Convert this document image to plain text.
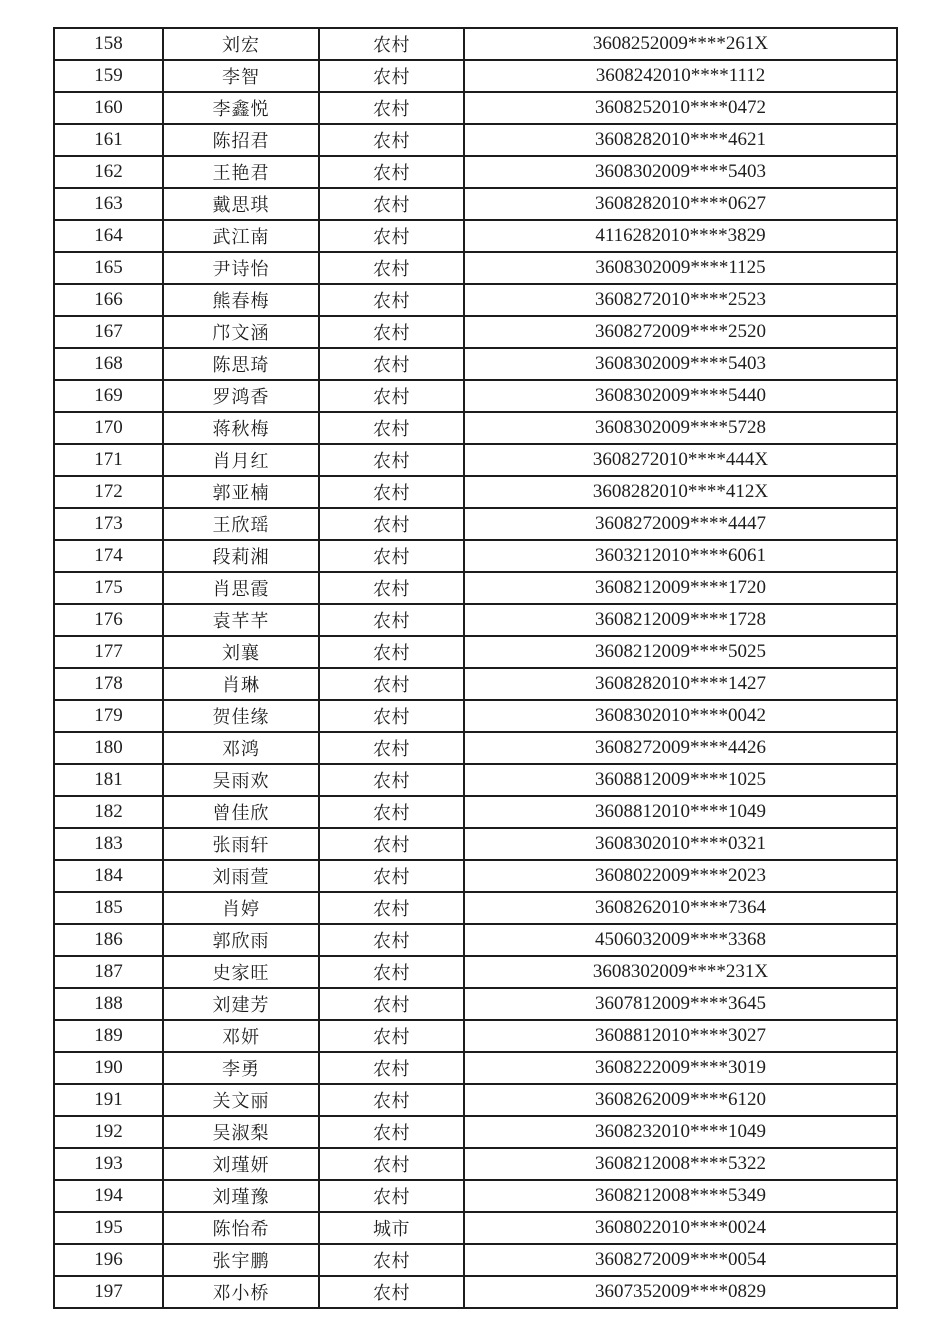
158	刘宏	农村	3608252009****261X
159	李智	农村	3608242010****1112
160	李鑫悦	农村	3608252010****0472
161	陈招君	农村	3608282010****4621
162	王艳君	农村	3608302009****5403
163	戴思琪	农村	3608282010****0627
164	武江南	农村	4116282010****3829
165	尹诗怡	农村	3608302009****1125
166	熊春梅	农村	3608272010****2523
167	邝文涵	农村	3608272009****2520
168	陈思琦	农村	3608302009****5403
169	罗鸿香	农村	3608302009****5440
170	蒋秋梅	农村	3608302009****5728
171	肖月红	农村	3608272010****444X
172	郭亚楠	农村	3608282010****412X
173	王欣瑶	农村	3608272009****4447
174	段莉湘	农村	3603212010****6061
175	肖思霞	农村	3608212009****1720
176	袁芊芊	农村	3608212009****1728
177	刘襄	农村	3608212009****5025
178	肖琳	农村	3608282010****1427
179	贺佳缘	农村	3608302010****0042
180	邓鸿	农村	3608272009****4426
181	吴雨欢	农村	3608812009****1025
182	曾佳欣	农村	3608812010****1049
183	张雨轩	农村	3608302010****0321
184	刘雨萱	农村	3608022009****2023
185	肖婷	农村	3608262010****7364
186	郭欣雨	农村	4506032009****3368
187	史家旺	农村	3608302009****231X
188	刘建芳	农村	3607812009****3645
189	邓妍	农村	3608812010****3027
190	李勇	农村	3608222009****3019
191	关文丽	农村	3608262009****6120
192	吴淑梨	农村	3608232010****1049
193	刘瑾妍	农村	3608212008****5322
194	刘瑾豫	农村	3608212008****5349
195	陈怡希	城市	3608022010****0024
196	张宇鹏	农村	3608272009****0054
197	邓小桥	农村	3607352009****0829
